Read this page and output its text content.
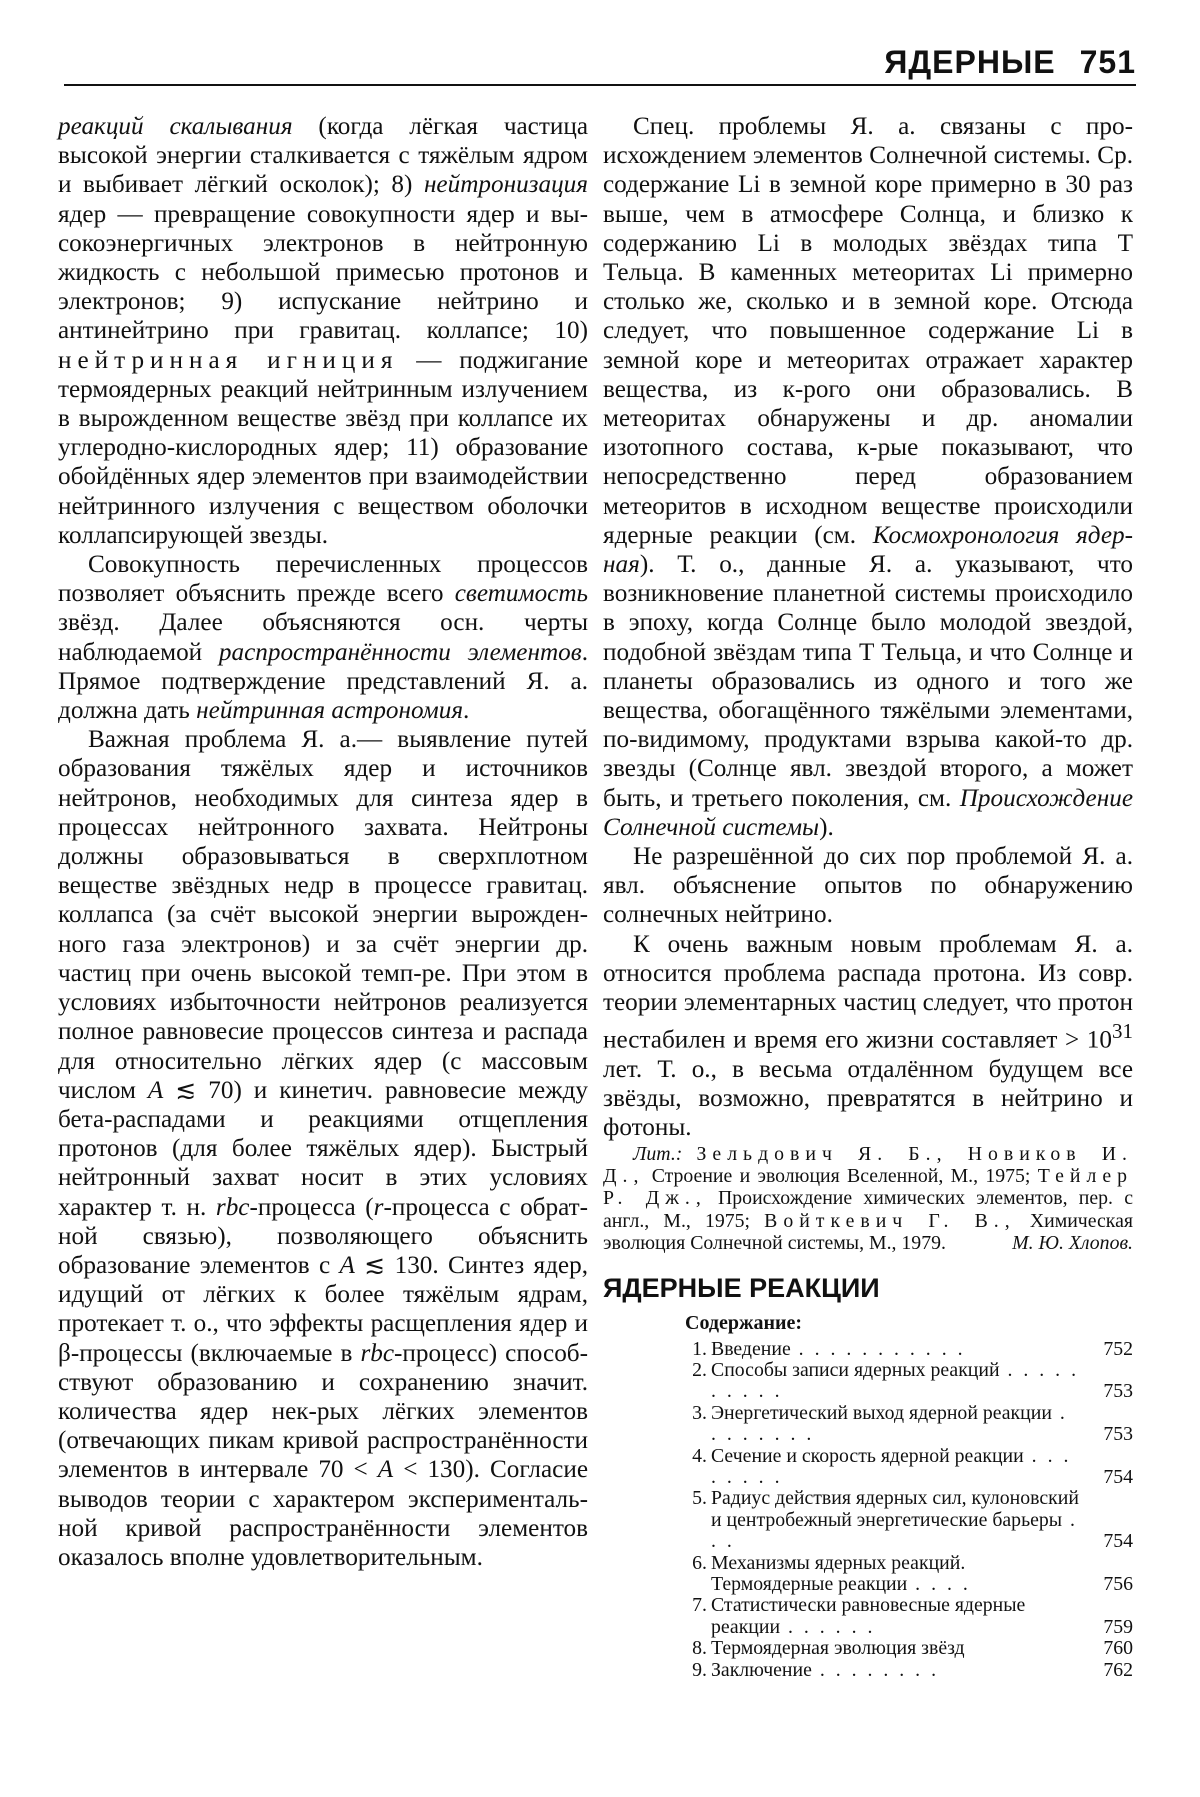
ЯДЕРНЫЕ 751

реакций скалывания (когда лёгкая частица высокой энергии сталкивается с тяжёлым ядром и выбивает лёгкий осколок); 8) нейтронизация ядер — превращение совокупности ядер и высокоэнергичных электронов в нейтронную жидкость с небольшой примесью протонов и электронов; 9) испускание нейтрино и антинейтрино при гравитац. коллапсе; 10) нейтринная игниция — поджигание термоядерных реакций нейтринным излучением в вырожденном веществе звёзд при коллапсе их углеродно-кислородных ядер; 11) образование обойдённых ядер элементов при взаимодействии нейтринного излучения с веществом оболочки коллапсирующей звезды.

Совокупность перечисленных процессов позволяет объяснить прежде всего светимость звёзд. Далее объясняются осн. черты наблюдаемой распространённости элементов. Прямое подтверждение представлений Я. а. должна дать нейтринная астрономия.

Важная проблема Я. а.— выявление путей образования тяжёлых ядер и источников нейтронов, необходимых для синтеза ядер в процессах нейтронного захвата. Нейтроны должны образовываться в сверхплотном веществе звёздных недр в процессе гравитац. коллапса (за счёт высокой энергии вырожденного газа электронов) и за счёт энергии др. частиц при очень высокой темп-ре. При этом в условиях избыточности нейтронов реализуется полное равновесие процессов синтеза и распада для относительно лёгких ядер (с массовым числом A ≲ 70) и кинетич. равновесие между бета-распадами и реакциями отщепления протонов (для более тяжёлых ядер). Быстрый нейтронный захват носит в этих условиях характер т. н. rbc-процесса (r-процесса с обратной связью), позволяющего объяснить образование элементов с A ≲ 130. Синтез ядер, идущий от лёгких к более тяжёлым ядрам, протекает т. о., что эффекты расщепления ядер и β-процессы (включаемые в rbc-процесс) способствуют образованию и сохранению значит. количества ядер нек-рых лёгких элементов (отвечающих пикам кривой распространённости элементов в интервале 70 < A < 130). Согласие выводов теории с характером экспериментальной кривой распространённости элементов оказалось вполне удовлетворительным.

Спец. проблемы Я. а. связаны с происхождением элементов Солнечной системы. Ср. содержание Li в земной коре примерно в 30 раз выше, чем в атмосфере Солнца, и близко к содержанию Li в молодых звёздах типа Т Тельца. В каменных метеоритах Li примерно столько же, сколько и в земной коре. Отсюда следует, что повышенное содержание Li в земной коре и метеоритах отражает характер вещества, из к-рого они образовались. В метеоритах обнаружены и др. аномалии изотопного состава, к-рые показывают, что непосредственно перед образованием метеоритов в исходном веществе происходили ядерные реакции (см. Космохронология ядерная). Т. о., данные Я. а. указывают, что возникновение планетной системы происходило в эпоху, когда Солнце было молодой звездой, подобной звёздам типа Т Тельца, и что Солнце и планеты образовались из одного и того же вещества, обогащённого тяжёлыми элементами, по-видимому, продуктами взрыва какой-то др. звезды (Солнце явл. звездой второго, а может быть, и третьего поколения, см. Происхождение Солнечной системы).

Не разрешённой до сих пор проблемой Я. а. явл. объяснение опытов по обнаружению солнечных нейтрино.

К очень важным новым проблемам Я. а. относится проблема распада протона. Из совр. теории элементарных частиц следует, что протон нестабилен и время его жизни составляет > $10^{31}$ лет. Т. о., в весьма отдалённом будущем все звёзды, возможно, превратятся в нейтрино и фотоны.

Лит.: Зельдович Я. Б., Новиков И. Д., Строение и эволюция Вселенной, М., 1975; Тейлер Р. Дж., Происхождение химических элементов, пер. с англ., М., 1975; Войткевич Г. В., Химическая эволюция Солнечной системы, М., 1979.	М. Ю. Хлопов.

ЯДЕРНЫЕ РЕАКЦИИ
Содержание:
1. Введение . . . . . . . . . . .	752
2. Способы записи ядерных реакций . . . . . . . . . .	753
3. Энергетический выход ядерной реакции . . . . . . . .	753
4. Сечение и скорость ядерной реакции . . . . . . . .	754
5. Радиус действия ядерных сил, кулоновский и центробежный энергетические барьеры . . .	754
6. Механизмы ядерных реакций. Термоядерные реакции . . . .	756
7. Статистически равновесные ядерные реакции . . . . . .	759
8. Термоядерная эволюция звёзд	760
9. Заключение . . . . . . . .	762
